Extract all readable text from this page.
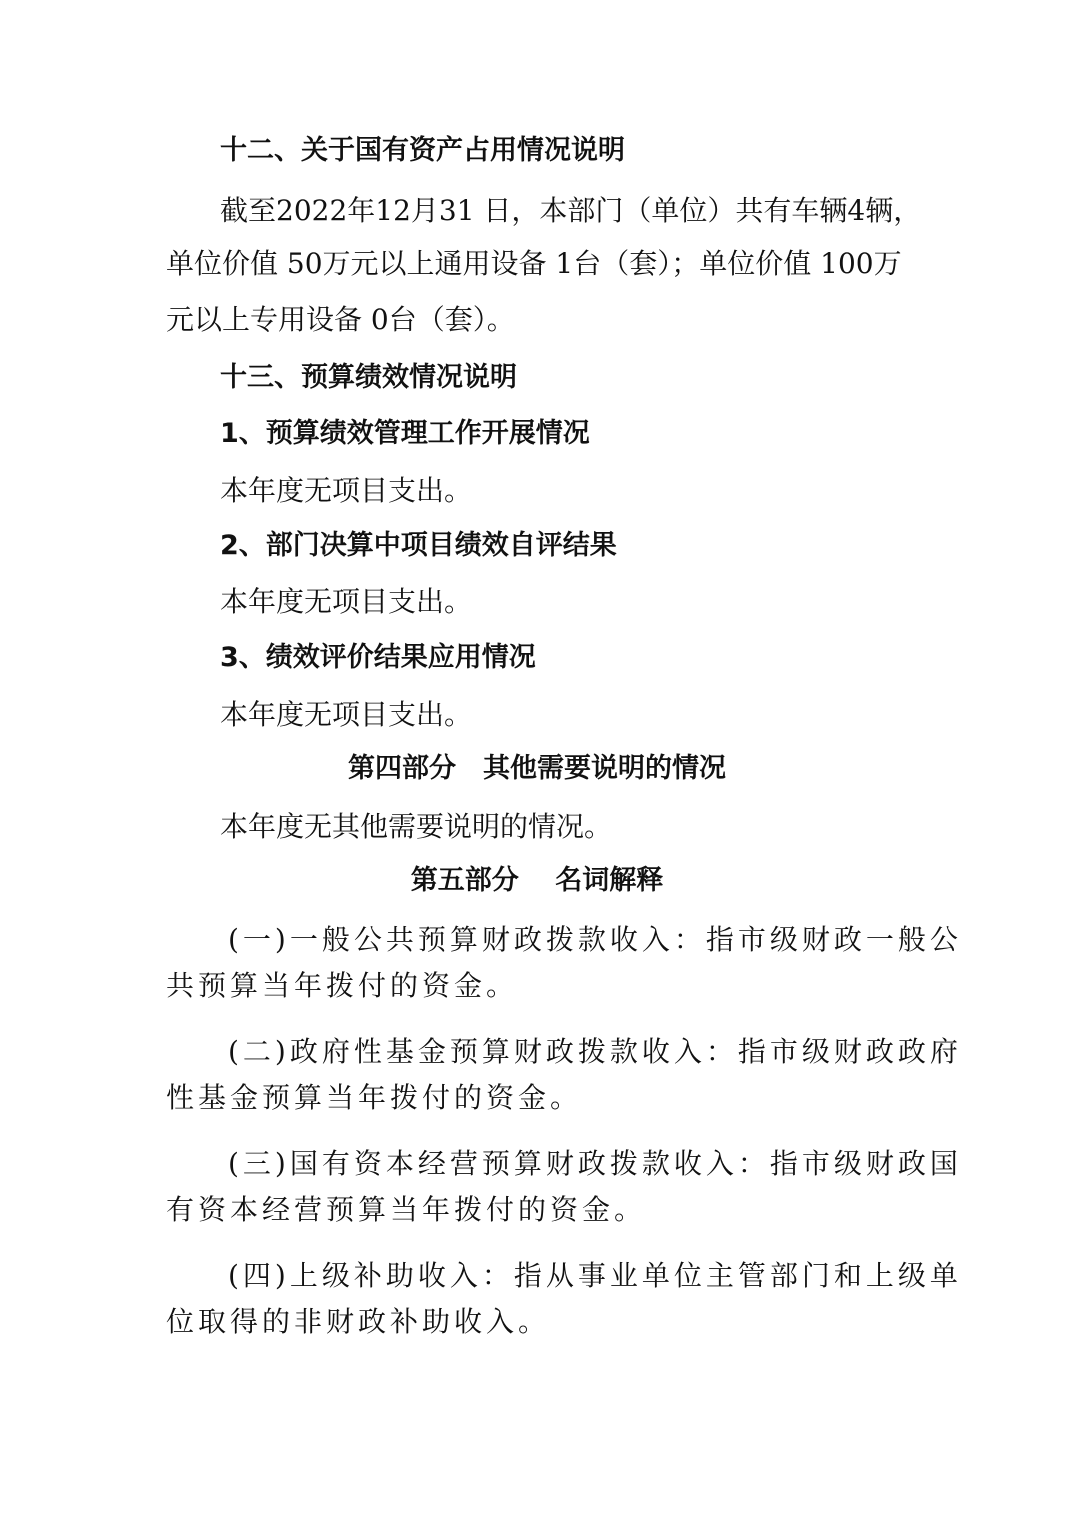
十二、关于国有资产占用情况说明

截至2022年12月31 日，本部门（单位）共有车辆4辆，

单位价值 50万元以上通用设备 1台（套）；单位价值 100万

元以上专用设备 0台（套）。

十三、预算绩效情况说明

1、预算绩效管理工作开展情况

本年度无项目支出。

2、部门决算中项目绩效自评结果

本年度无项目支出。

3、绩效评价结果应用情况

本年度无项目支出。

第四部分　其他需要说明的情况

本年度无其他需要说明的情况。

第五部分　 名词解释

(一)一般公共预算财政拨款收入：指市级财政一般公

共预算当年拨付的资金。

(二)政府性基金预算财政拨款收入：指市级财政政府

性基金预算当年拨付的资金。

(三)国有资本经营预算财政拨款收入：指市级财政国

有资本经营预算当年拨付的资金。

(四)上级补助收入：指从事业单位主管部门和上级单

位取得的非财政补助收入。
